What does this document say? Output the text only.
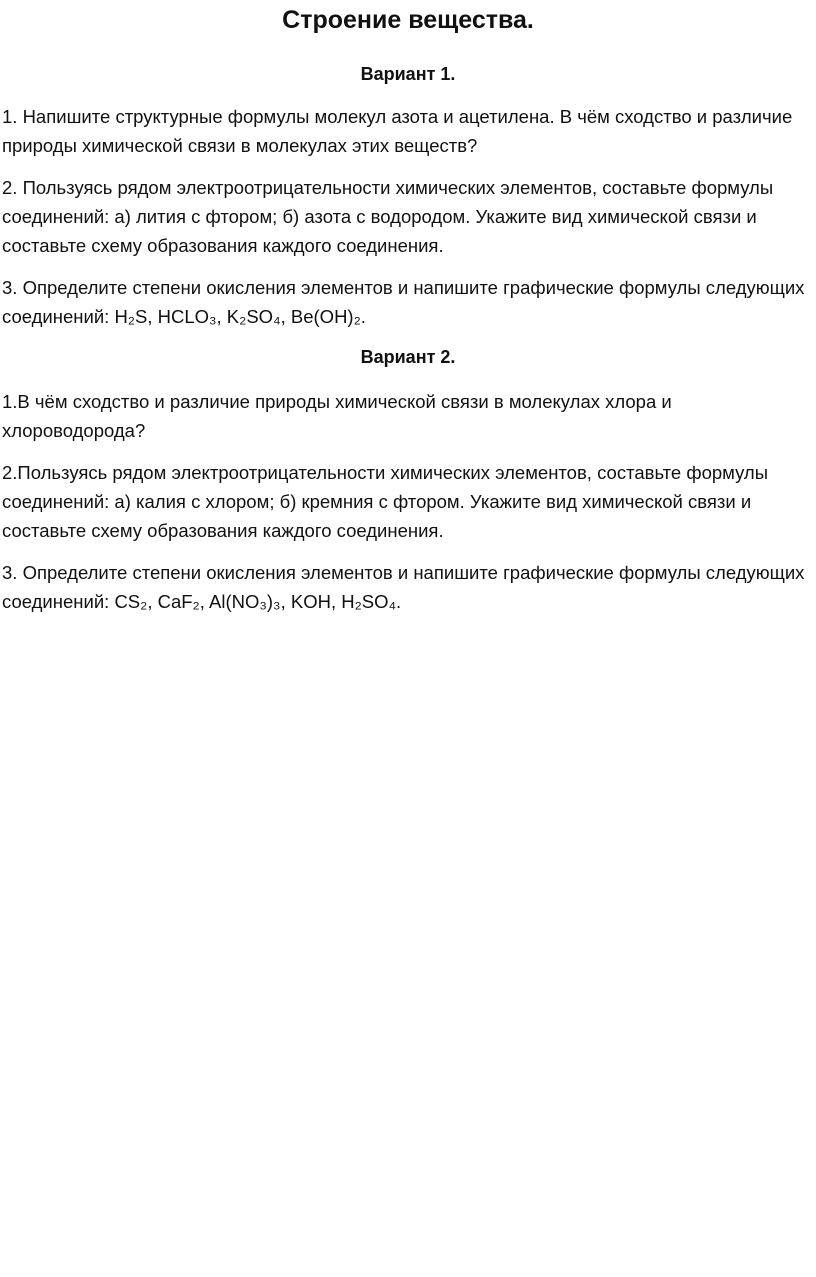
Строение вещества.
Вариант 1.

1. Напишите структурные формулы молекул азота и ацетилена. В чём сходство и различие природы химической связи в молекулах этих веществ?

2. Пользуясь рядом электроотрицательности химических элементов, составьте формулы соединений: а) лития с фтором; б) азота с водородом. Укажите вид химической связи и составьте схему образования каждого соединения.

3. Определите степени окисления элементов и напишите графические формулы следующих соединений: H₂S, HCLO₃, K₂SO₄, Be(OH)₂.

Вариант 2.

1.В чём сходство и различие природы химической связи в молекулах хлора и хлороводорода?

2.Пользуясь рядом электроотрицательности химических элементов, составьте формулы соединений: а) калия с хлором; б) кремния с фтором. Укажите вид химической связи и составьте схему образования каждого соединения.

3. Определите степени окисления элементов и напишите графические формулы следующих соединений: CS₂, CaF₂, Al(NO₃)₃, KOH, H₂SO₄.
